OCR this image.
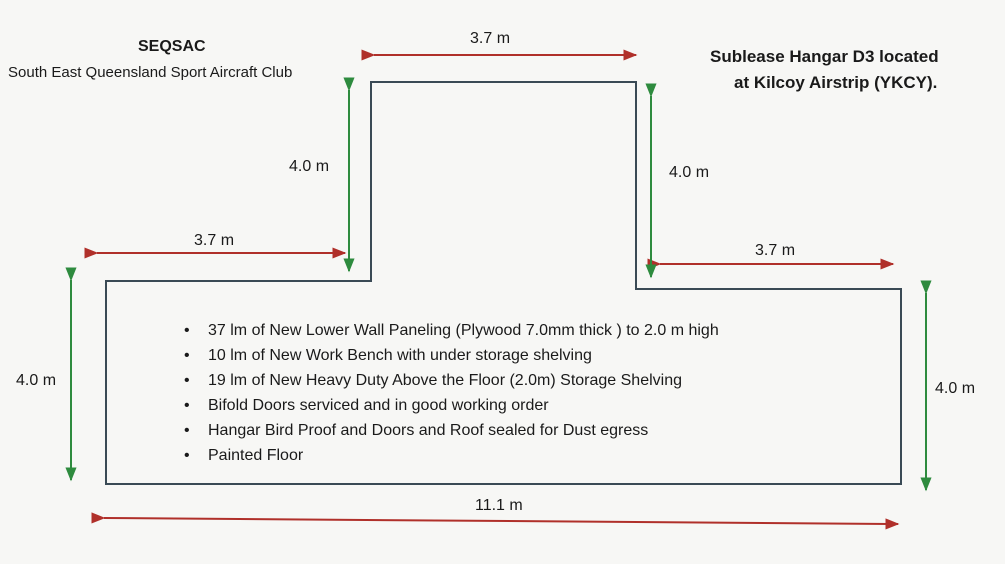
SEQSAC
South East Queensland Sport Aircraft Club
Sublease Hangar D3 located
at Kilcoy Airstrip (YKCY).
3.7 m
4.0 m	4.0 m
3.7 m
3.7 m
4.0 m	4.0 m
11.1 m
• 37 lm of New Lower Wall Paneling (Plywood 7.0mm thick ) to 2.0 m high
• 10 lm of New Work Bench with under storage shelving
• 19 lm of New Heavy Duty Above the Floor (2.0m) Storage Shelving
• Bifold Doors serviced and in good working order
• Hangar Bird Proof and Doors and Roof sealed for Dust egress
• Painted Floor
